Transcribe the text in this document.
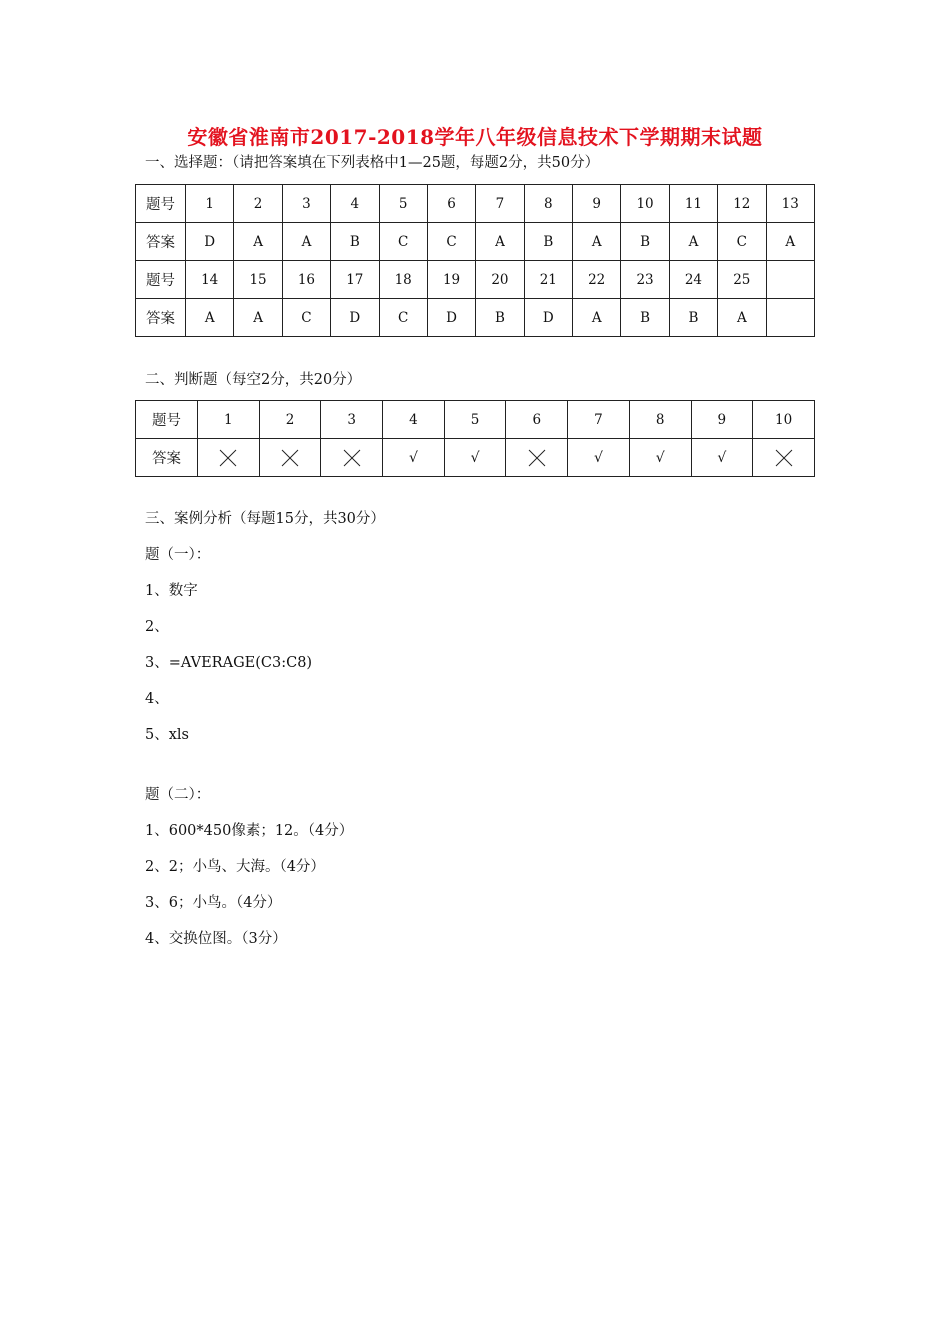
安徽省淮南市2017-2018学年八年级信息技术下学期期末试题
一、选择题：（请把答案填在下列表格中1—25题，每题2分，共50分）
题号	1	2	3	4	5	6	7	8	9	10	11	12	13
答案	D	A	A	B	C	C	A	B	A	B	A	C	A
题号	14	15	16	17	18	19	20	21	22	23	24	25	
答案	A	A	C	D	C	D	B	D	A	B	B	A	
二、判断题（每空2分，共20分）
题号	1	2	3	4	5	6	7	8	9	10
答案				√	√		√	√	√	
三、案例分析（每题15分，共30分）
题（一）：
1、数字
2、
3、=AVERAGE(C3:C8)
4、
5、xls
题（二）：
1、600*450像素；12。（4分）
2、2；小鸟、大海。（4分）
3、6；小鸟。（4分）
4、交换位图。（3分）
